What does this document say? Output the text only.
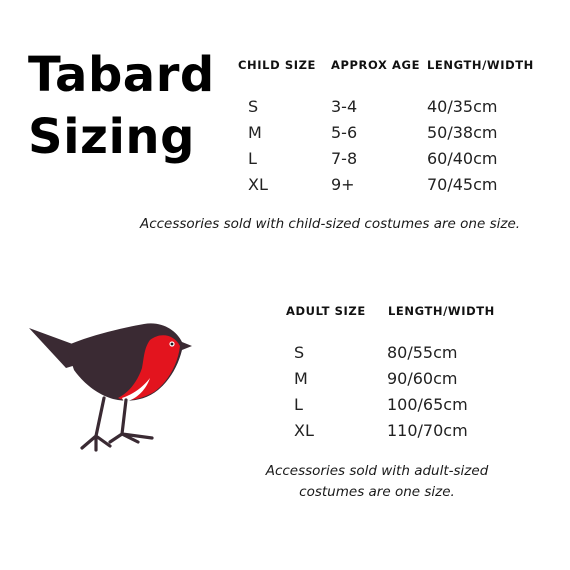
Tabard
Sizing
CHILD SIZE APPROX AGE LENGTH/WIDTH
S	3-4	40/35cm
M	5-6	50/38cm
L	7-8	60/40cm
XL	9+	70/45cm
Accessories sold with child-sized costumes are one size.
ADULT SIZE LENGTH/WIDTH
S	80/55cm
M	90/60cm
L	100/65cm
XL	110/70cm
Accessories sold with adult-sized
costumes are one size.
